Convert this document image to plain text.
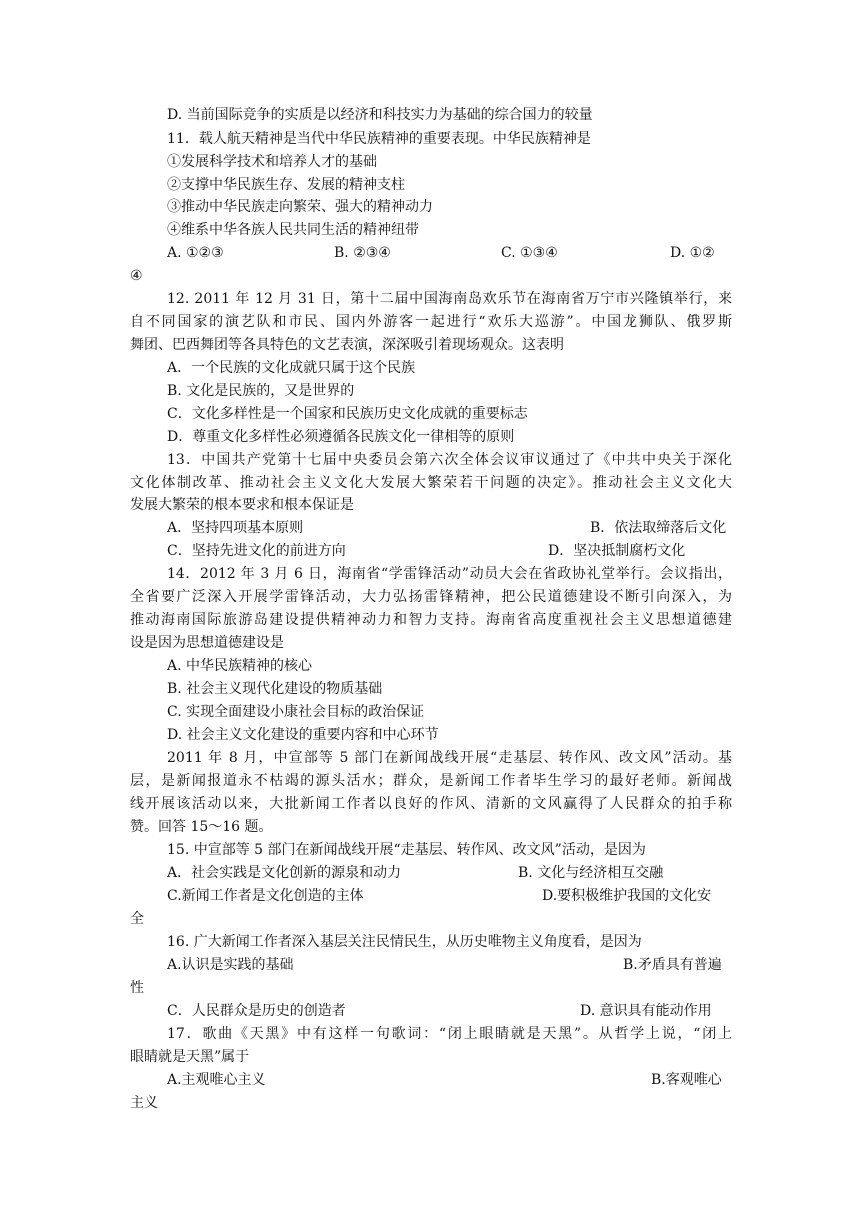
D. 当前国际竞争的实质是以经济和科技实力为基础的综合国力的较量
11．载人航天精神是当代中华民族精神的重要表现。中华民族精神是
①发展科学技术和培养人才的基础
②支撑中华民族生存、发展的精神支柱
③推动中华民族走向繁荣、强大的精神动力
④维系中华各族人民共同生活的精神纽带
A. ①②③	B. ②③④	C. ①③④	D. ①②
④
12. 2011 年 12 月 31 日，第十二届中国海南岛欢乐节在海南省万宁市兴隆镇举行，来
自不同国家的演艺队和市民、国内外游客一起进行“欢乐大巡游”。中国龙狮队、俄罗斯
舞团、巴西舞团等各具特色的文艺表演，深深吸引着现场观众。这表明
A．一个民族的文化成就只属于这个民族
B. 文化是民族的，又是世界的
C．文化多样性是一个国家和民族历史文化成就的重要标志
D．尊重文化多样性必须遵循各民族文化一律相等的原则
13．中国共产党第十七届中央委员会第六次全体会议审议通过了《中共中央关于深化
文化体制改革、推动社会主义文化大发展大繁荣若干问题的决定》。推动社会主义文化大
发展大繁荣的根本要求和根本保证是
A．坚持四项基本原则	B．依法取缔落后文化
C．坚持先进文化的前进方向	D．坚决抵制腐朽文化
14．2012 年 3 月 6 日，海南省“学雷锋活动”动员大会在省政协礼堂举行。会议指出，
全省要广泛深入开展学雷锋活动，大力弘扬雷锋精神，把公民道德建设不断引向深入，为
推动海南国际旅游岛建设提供精神动力和智力支持。海南省高度重视社会主义思想道德建
设是因为思想道德建设是
A. 中华民族精神的核心
B. 社会主义现代化建设的物质基础
C. 实现全面建设小康社会目标的政治保证
D. 社会主义文化建设的重要内容和中心环节
2011 年 8 月，中宣部等 5 部门在新闻战线开展“走基层、转作风、改文风”活动。基
层，是新闻报道永不枯竭的源头活水；群众，是新闻工作者毕生学习的最好老师。新闻战
线开展该活动以来，大批新闻工作者以良好的作风、清新的文风赢得了人民群众的拍手称
赞。回答 15～16 题。
15. 中宣部等 5 部门在新闻战线开展“走基层、转作风、改文风”活动，是因为
A．社会实践是文化创新的源泉和动力	B. 文化与经济相互交融
C.新闻工作者是文化创造的主体	D.要积极维护我国的文化安
全
16. 广大新闻工作者深入基层关注民情民生，从历史唯物主义角度看，是因为
A.认识是实践的基础	B.矛盾具有普遍
性
C．人民群众是历史的创造者	D. 意识具有能动作用
17．歌曲《天黑》中有这样一句歌词：“闭上眼睛就是天黑”。从哲学上说，“闭上
眼睛就是天黑”属于
A.主观唯心主义	B.客观唯心
主义
